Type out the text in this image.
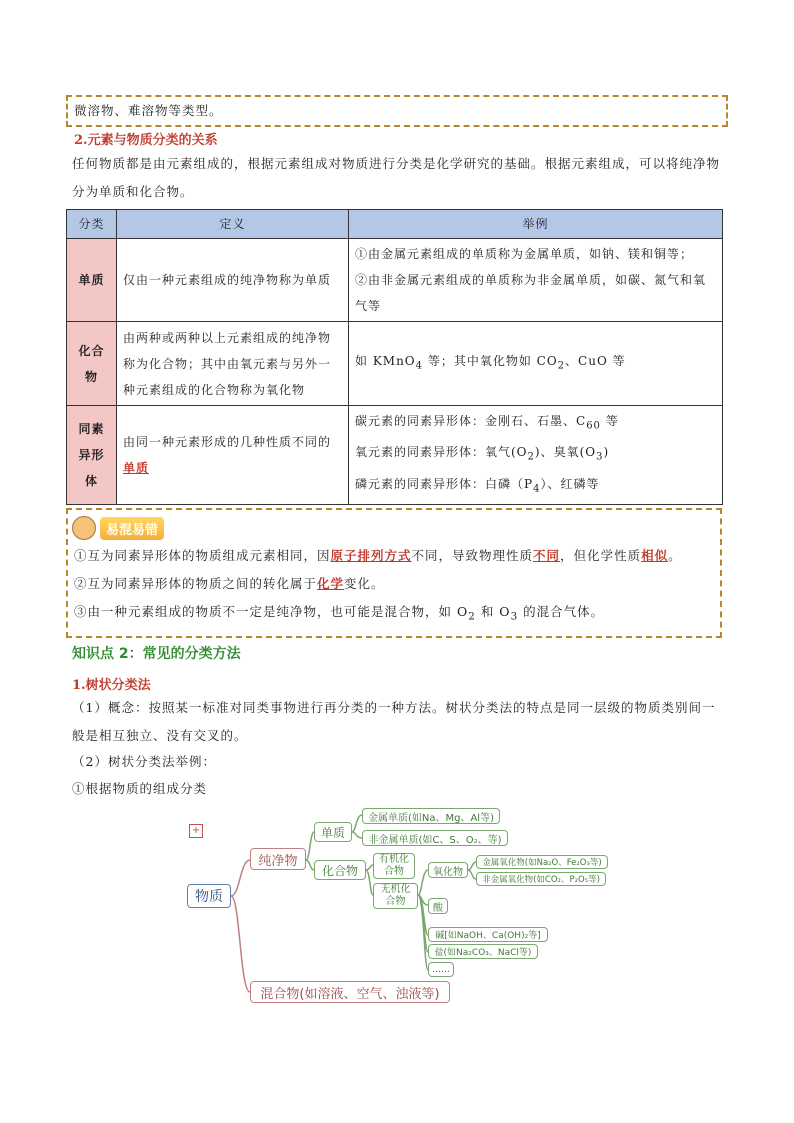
微溶物、难溶物等类型。
2.元素与物质分类的关系
任何物质都是由元素组成的，根据元素组成对物质进行分类是化学研究的基础。根据元素组成，可以将纯净物分为单质和化合物。
分类	定义	举例
单质	仅由一种元素组成的纯净物称为单质	①由金属元素组成的单质称为金属单质，如钠、镁和铜等；
②由非金属元素组成的单质称为非金属单质，如碳、氮气和氧气等

化合物	由两种或两种以上元素组成的纯净物称为化合物；其中由氧元素与另外一种元素组成的化合物称为氧化物	如 KMnO$_4$ 等；其中氧化物如 $CO_2$、CuO 等
同素异形体	由同一种元素形成的几种性质不同的单质	碳元素的同素异形体：金刚石、石墨、$C_{60}$ 等
氧元素的同素异形体：氧气$(O_2)$、臭氧$(O_3)$
磷元素的同素异形体：白磷$(P_4)$、红磷等
易混易错
①互为同素异形体的物质组成元素相同，因原子排列方式不同，导致物理性质不同，但化学性质相似。
②互为同素异形体的物质之间的转化属于化学变化。
③由一种元素组成的物质不一定是纯净物，也可能是混合物，如 $O_2$ 和 $O_3$ 的混合气体。
知识点 2：常见的分类方法
1.树状分类法
（1）概念：按照某一标准对同类事物进行再分类的一种方法。树状分类法的特点是同一层级的物质类别间一般是相互独立、没有交叉的。
（2）树状分类法举例：
①根据物质的组成分类
+
物质
纯净物
混合物(如溶液、空气、浊液等)
单质
化合物
金属单质(如Na、Mg、Al等)
非金属单质(如C、S、O₂、等)
有机化合物
无机化合物
氧化物
金属氧化物(如Na₂O、Fe₂O₃等)
非金属氧化物(如CO₂、P₂O₅等)
酸
碱[如NaOH、Ca(OH)₂等]
盐(如Na₂CO₃、NaCl等)
……
